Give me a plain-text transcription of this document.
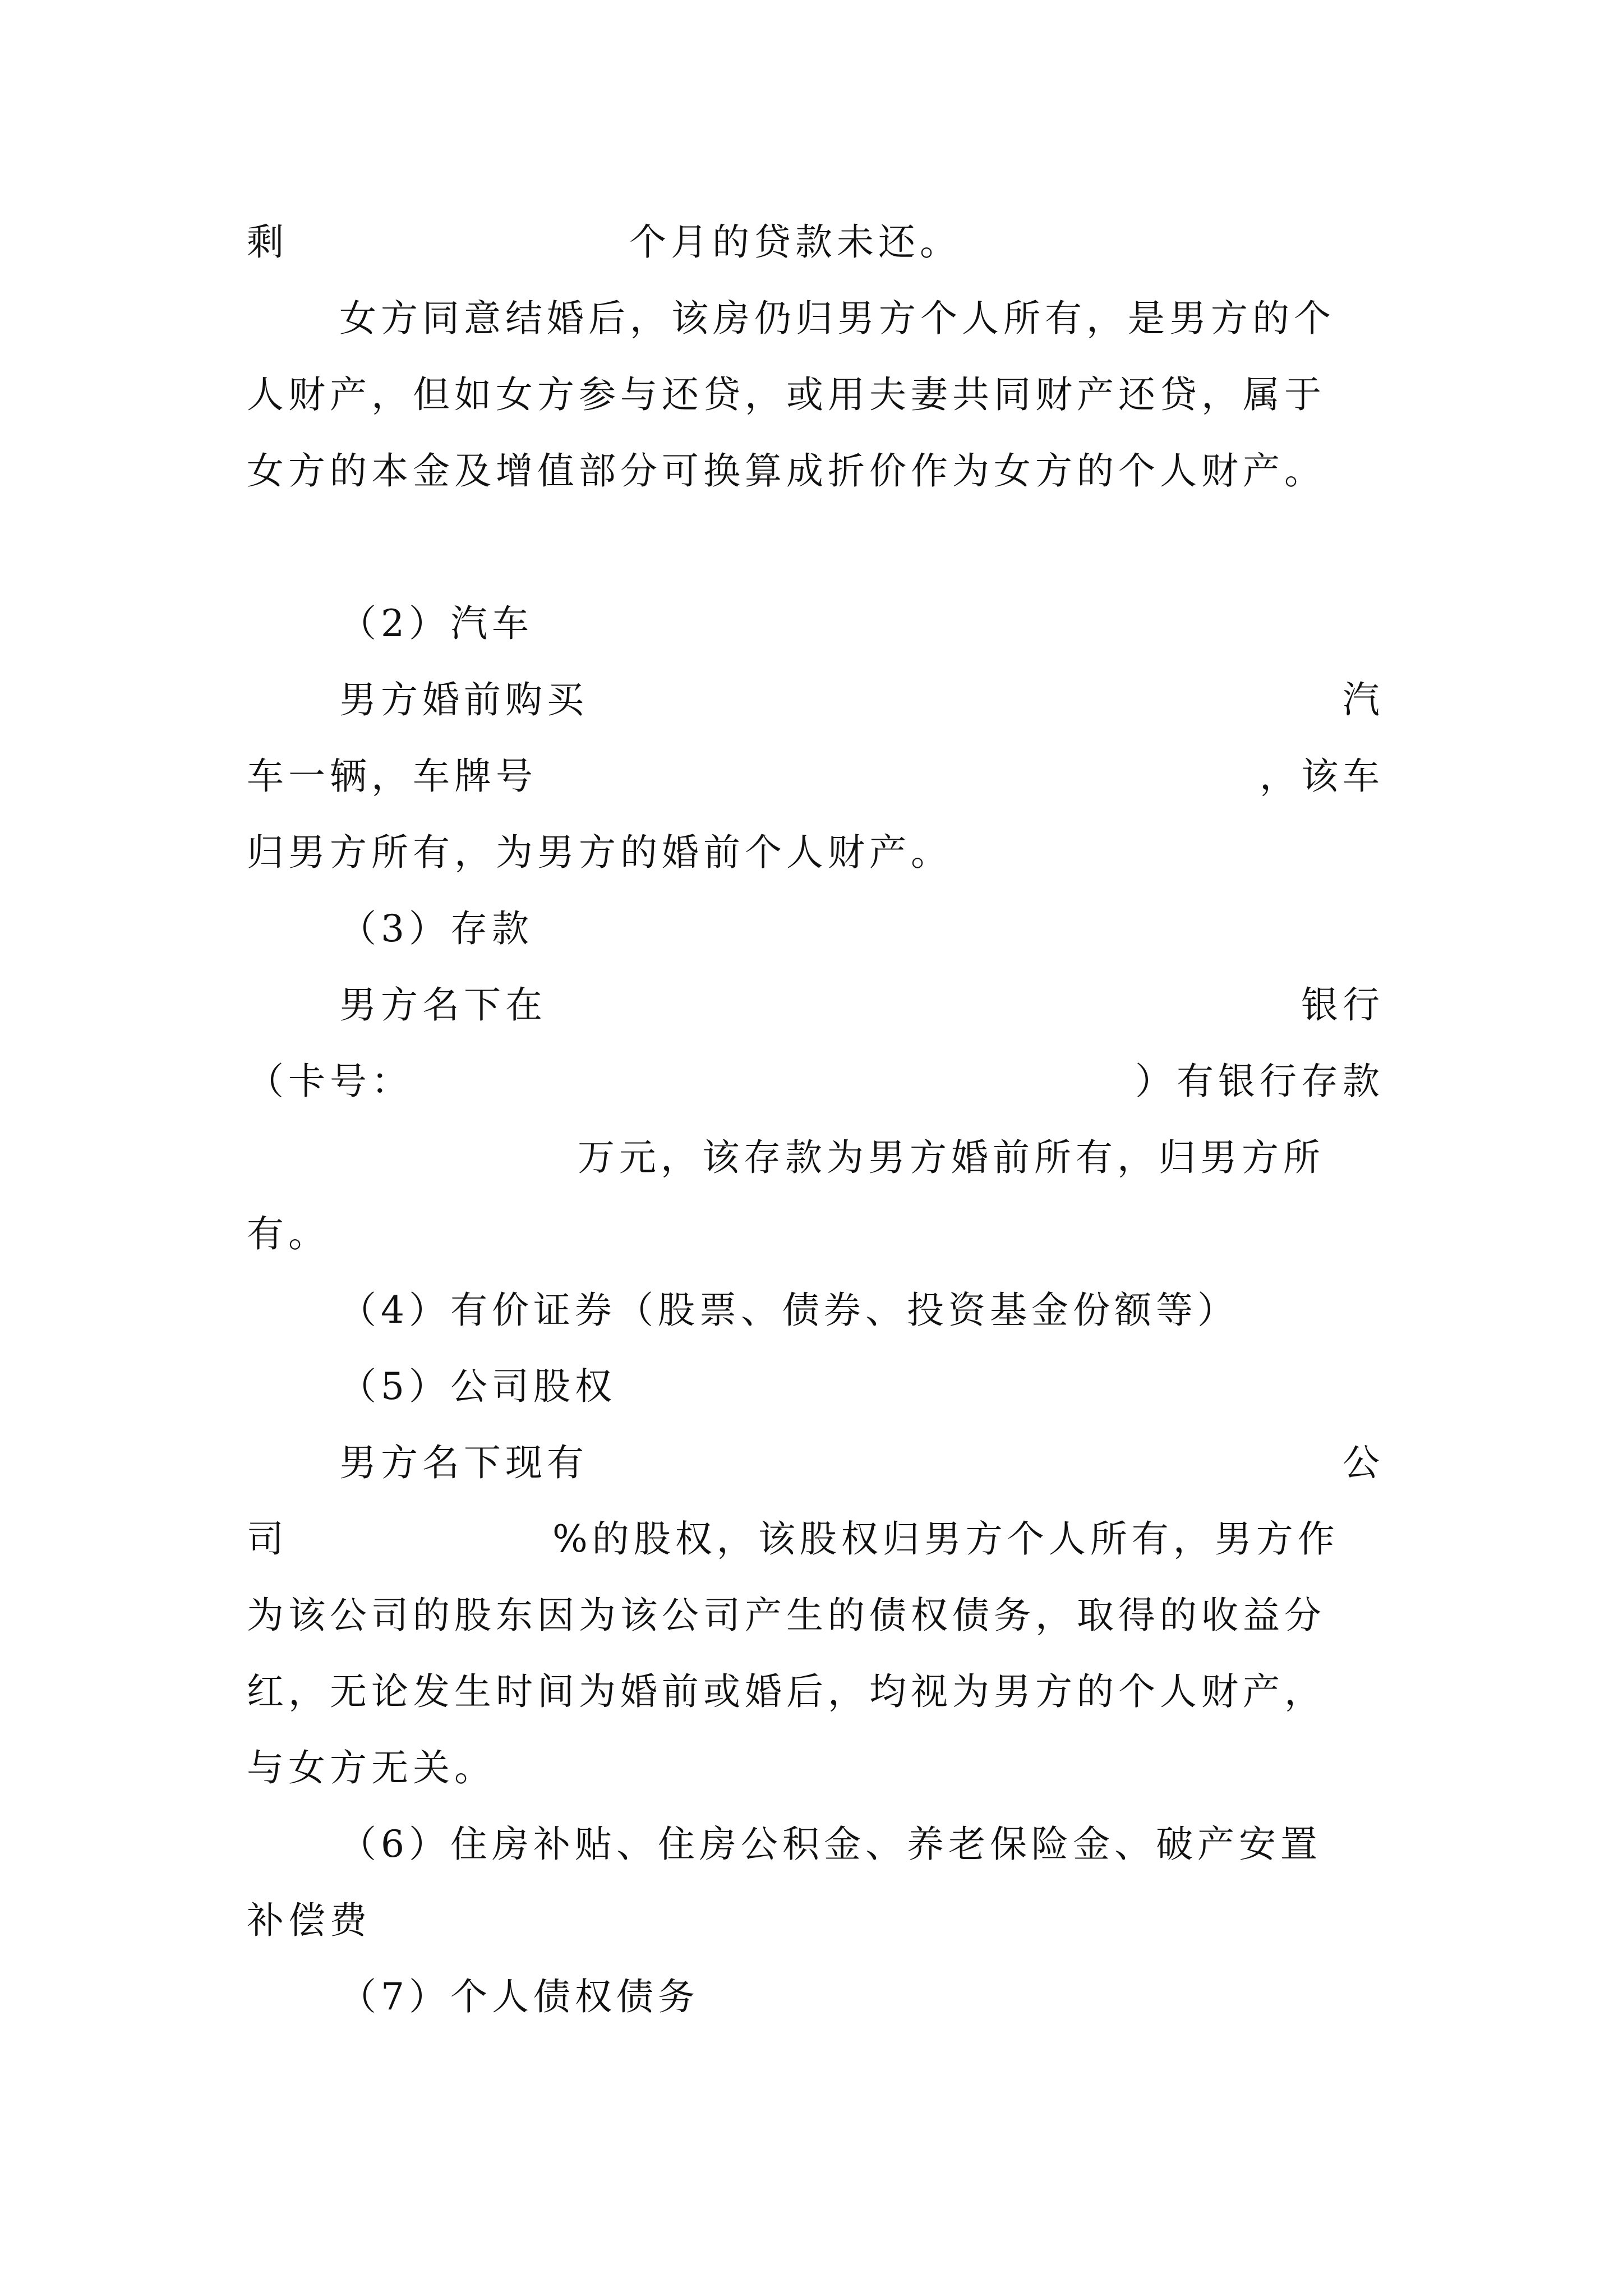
剩	个月的贷款未还。
女方同意结婚后，该房仍归男方个人所有，是男方的个
人财产，但如女方参与还贷，或用夫妻共同财产还贷，属于
女方的本金及增值部分可换算成折价作为女方的个人财产。
（2）汽车
男方婚前购买	汽
车一辆，车牌号	，该车
归男方所有，为男方的婚前个人财产。
（3）存款
男方名下在	银行
（卡号：	）有银行存款
万元，该存款为男方婚前所有，归男方所
有。
（4）有价证券（股票、债券、投资基金份额等）
（5）公司股权
男方名下现有	公
司	%的股权，该股权归男方个人所有，男方作
为该公司的股东因为该公司产生的债权债务，取得的收益分
红，无论发生时间为婚前或婚后，均视为男方的个人财产，
与女方无关。
（6）住房补贴、住房公积金、养老保险金、破产安置
补偿费
（7）个人债权债务
